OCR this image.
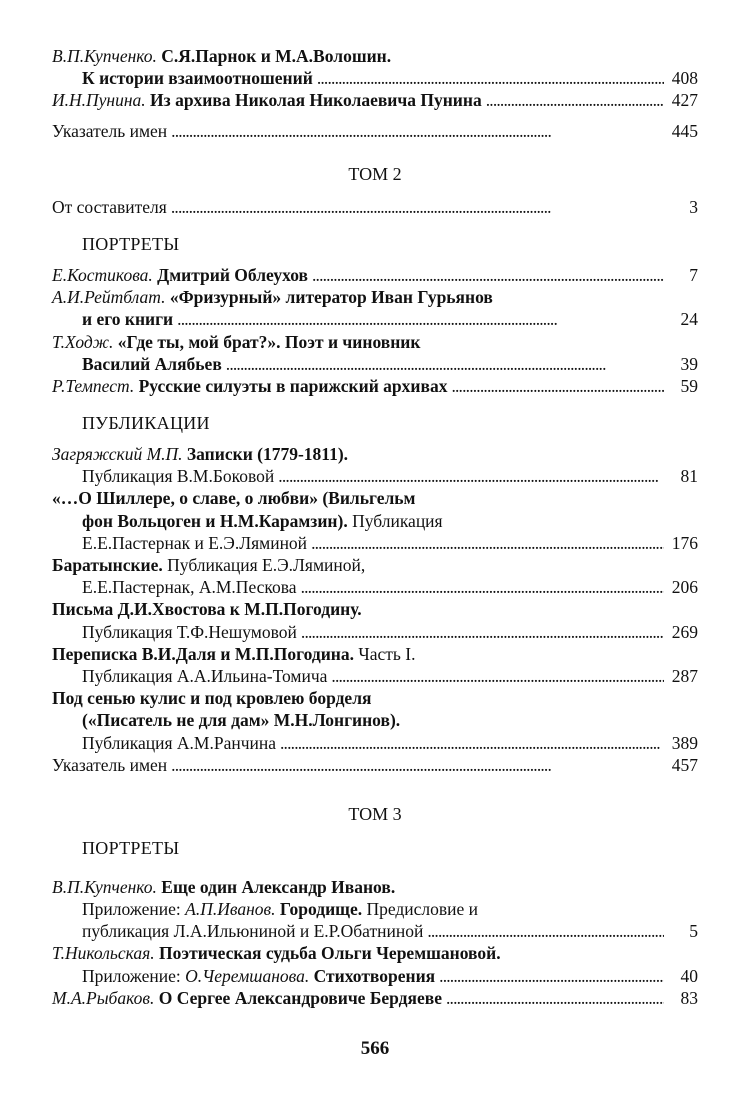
В.П.Купченко. С.Я.Парнок и М.А.Волошин.
К истории взаимоотношений . . .	408
И.Н.Пунина. Из архива Николая Николаевича Пунина . . .	427
Указатель имен . . .	445
ТОМ 2
От составителя . . .	3
ПОРТРЕТЫ
Е.Костикова. Дмитрий Облеухов . . .	7
А.И.Рейтблат. «Фризурный» литератор Иван Гурьянов
и его книги . . .	24
Т.Ходж. «Где ты, мой брат?». Поэт и чиновник
Василий Алябьев . . .	39
Р.Темпест. Русские силуэты в парижский архивах . . .	59
ПУБЛИКАЦИИ
Загряжский М.П. Записки (1779-1811).
Публикация В.М.Боковой . . .	81
«…О Шиллере, о славе, о любви» (Вильгельм
фон Вольцоген и Н.М.Карамзин). Публикация
Е.Е.Пастернак и Е.Э.Ляминой . . .	176
Баратынские. Публикация Е.Э.Ляминой,
Е.Е.Пастернак, А.М.Пескова . . .	206
Письма Д.И.Хвостова к М.П.Погодину.
Публикация Т.Ф.Нешумовой . . .	269
Переписка В.И.Даля и М.П.Погодина. Часть I.
Публикация А.А.Ильина-Томича . . .	287
Под сенью кулис и под кровлею борделя
(«Писатель не для дам» М.Н.Лонгинов).
Публикация А.М.Ранчина . . .	389
Указатель имен . . .	457
ТОМ 3
ПОРТРЕТЫ
В.П.Купченко. Еще один Александр Иванов.
Приложение: А.П.Иванов. Городище. Предисловие и
публикация Л.А.Ильюниной и Е.Р.Обатниной . . .	5
Т.Никольская. Поэтическая судьба Ольги Черемшановой.
Приложение: О.Черемшанова. Стихотворения . . .	40
М.А.Рыбаков. О Сергее Александровиче Бердяеве . . .	83
566
